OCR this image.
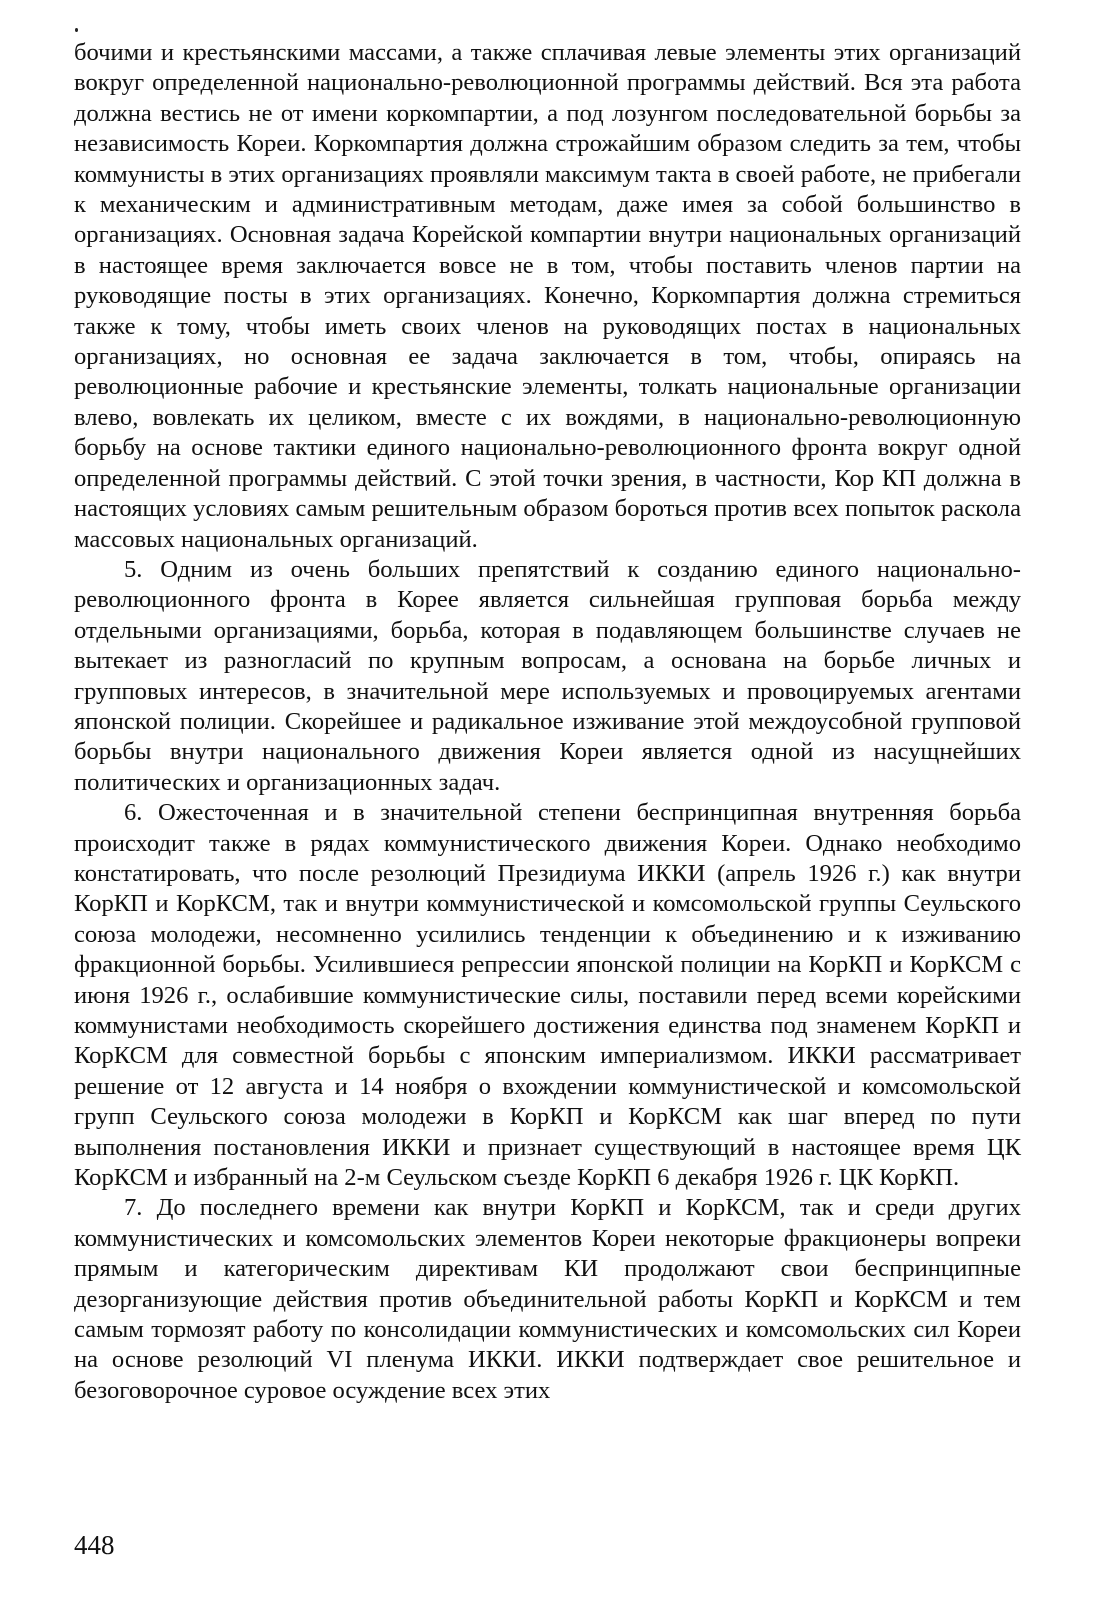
бочими и крестьянскими массами, а также сплачивая левые элементы этих организаций вокруг определенной национально-революционной программы действий. Вся эта работа должна вестись не от имени коркомпартии, а под лозунгом последовательной борьбы за независимость Кореи. Коркомпартия должна строжайшим образом следить за тем, чтобы коммунисты в этих организациях проявляли максимум такта в своей работе, не прибегали к механическим и административным методам, даже имея за собой большинство в организациях. Основная задача Корейской компартии внутри национальных организаций в настоящее время заключается вовсе не в том, чтобы поставить членов партии на руководящие посты в этих организациях. Конечно, Коркомпартия должна стремиться также к тому, чтобы иметь своих членов на руководящих постах в национальных организациях, но основная ее задача заключается в том, чтобы, опираясь на революционные рабочие и крестьянские элементы, толкать национальные организации влево, вовлекать их целиком, вместе с их вождями, в национально-революционную борьбу на основе тактики единого национально-революционного фронта вокруг одной определенной программы действий. С этой точки зрения, в частности, Кор КП должна в настоящих условиях самым решительным образом бороться против всех попыток раскола массовых национальных организаций.

5. Одним из очень больших препятствий к созданию единого национально-революционного фронта в Корее является сильнейшая групповая борьба между отдельными организациями, борьба, которая в подавляющем большинстве случаев не вытекает из разногласий по крупным вопросам, а основана на борьбе личных и групповых интересов, в значительной мере используемых и провоцируемых агентами японской полиции. Скорейшее и радикальное изживание этой междоусобной групповой борьбы внутри национального движения Кореи является одной из насущнейших политических и организационных задач.

6. Ожесточенная и в значительной степени беспринципная внутренняя борьба происходит также в рядах коммунистического движения Кореи. Однако необходимо констатировать, что после резолюций Президиума ИККИ (апрель 1926 г.) как внутри КорКП и КорКСМ, так и внутри коммунистической и комсомольской группы Сеульского союза молодежи, несомненно усилились тенденции к объединению и к изживанию фракционной борьбы. Усилившиеся репрессии японской полиции на КорКП и КорКСМ с июня 1926 г., ослабившие коммунистические силы, поставили перед всеми корейскими коммунистами необходимость скорейшего достижения единства под знаменем КорКП и КорКСМ для совместной борьбы с японским империализмом. ИККИ рассматривает решение от 12 августа и 14 ноября о вхождении коммунистической и комсомольской групп Сеульского союза молодежи в КорКП и КорКСМ как шаг вперед по пути выполнения постановления ИККИ и признает существующий в настоящее время ЦК КорКСМ и избранный на 2-м Сеульском съезде КорКП 6 декабря 1926 г. ЦК КорКП.

7. До последнего времени как внутри КорКП и КорКСМ, так и среди других коммунистических и комсомольских элементов Кореи некоторые фракционеры вопреки прямым и категорическим директивам КИ продолжают свои беспринципные дезорганизующие действия против объединительной работы КорКП и КорКСМ и тем самым тормозят работу по консолидации коммунистических и комсомольских сил Кореи на основе резолюций VI пленума ИККИ. ИККИ подтверждает свое решительное и безоговорочное суровое осуждение всех этих

448
